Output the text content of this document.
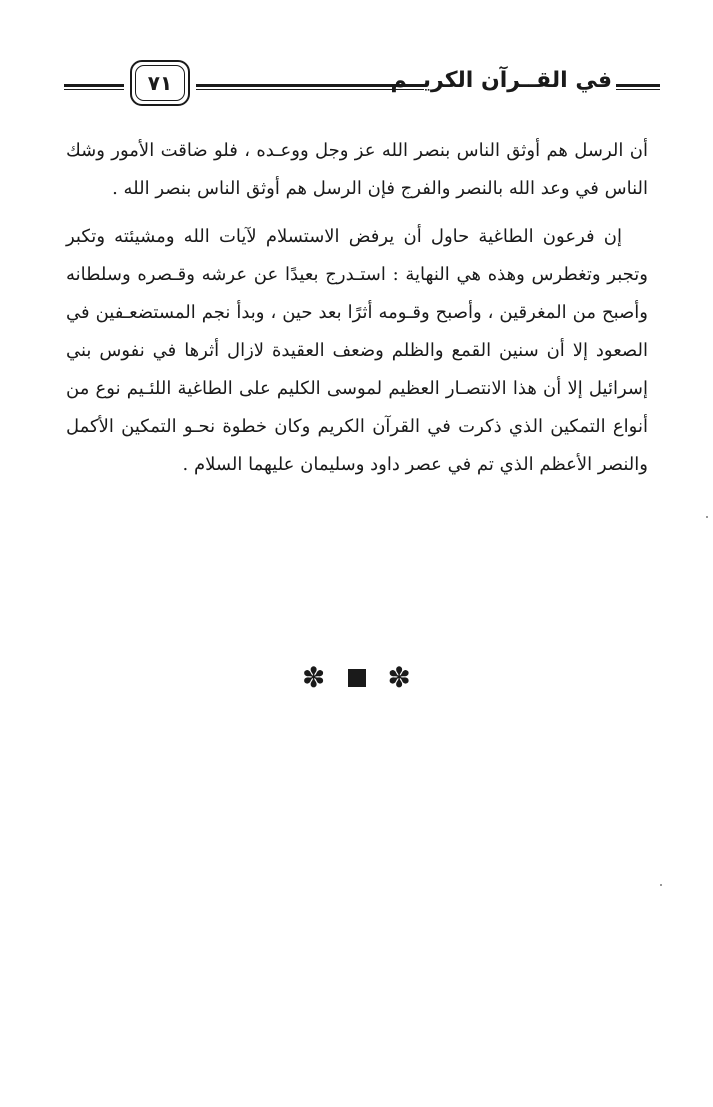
٧١	في القــرآن الكريــم

أن الرسل هم أوثق الناس بنصر الله عز وجل ووعـده ، فلو ضاقت الأمور وشك الناس في وعد الله بالنصر والفرج فإن الرسل هم أوثق الناس بنصر الله .

إن فرعون الطاغية حاول أن يرفض الاستسلام لآيات الله ومشيئته وتكبر وتجبر وتغطرس وهذه هي النهاية : استـدرج بعيدًا عن عرشه وقـصره وسلطانه وأصبح من المغرقين ، وأصبح وقـومه أثرًا بعد حين ، وبدأ نجم المستضعـفين في الصعود إلا أن سنين القمع والظلم وضعف العقيدة لازال أثرها في نفوس بني إسرائيل إلا أن هذا الانتصـار العظيم لموسى الكليم على الطاغية اللئـيم نوع من أنواع التمكين الذي ذكرت في القرآن الكريم وكان خطوة نحـو التمكين الأكمل والنصر الأعظم الذي تم في عصر داود وسليمان عليهما السلام .

✽ ✽
